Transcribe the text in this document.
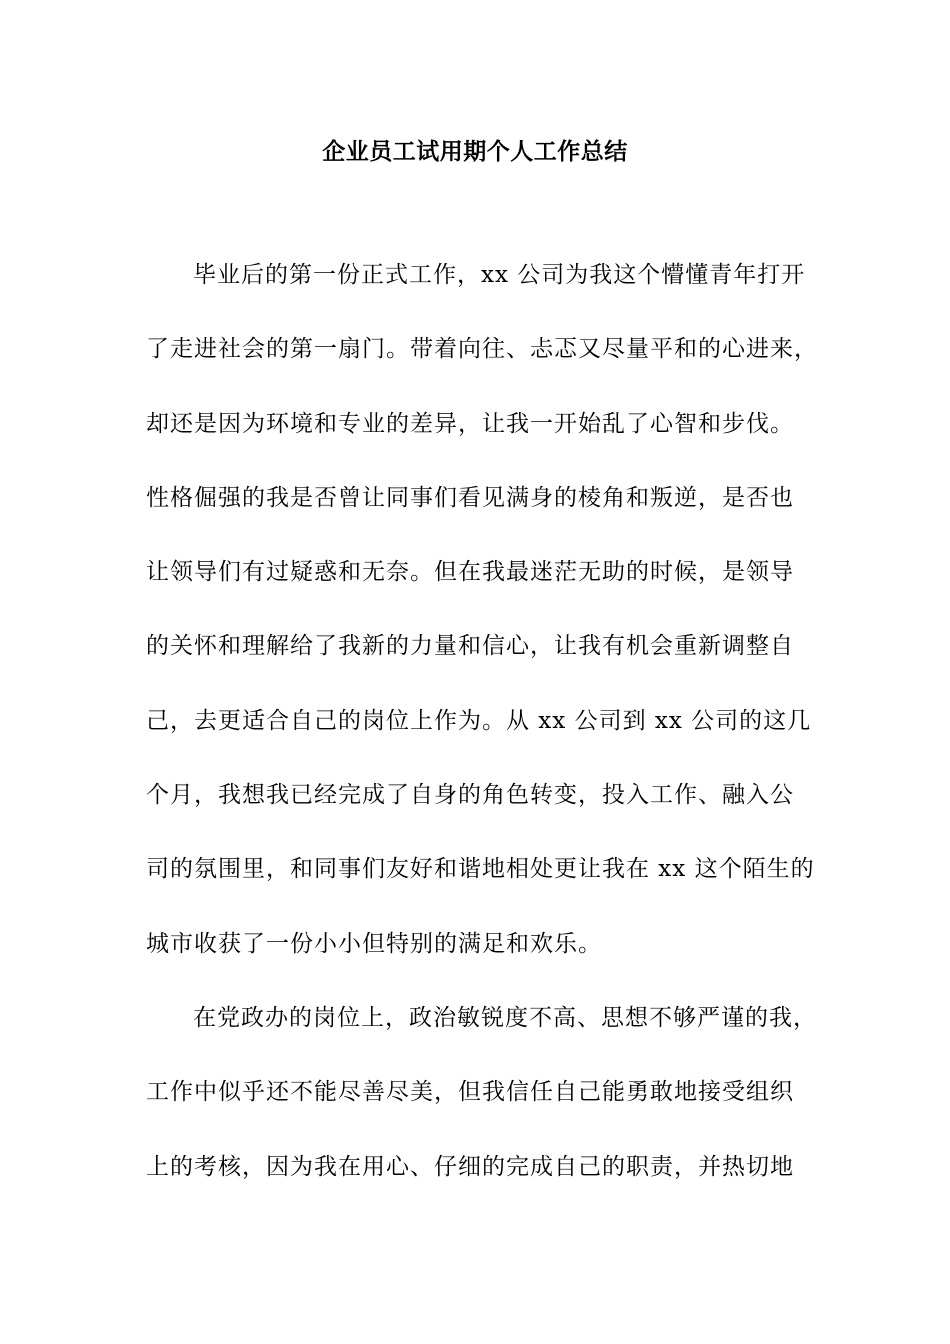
企业员工试用期个人工作总结
毕业后的第一份正式工作，xx 公司为我这个懵懂青年打开
了走进社会的第一扇门。带着向往、忐忑又尽量平和的心进来，
却还是因为环境和专业的差异，让我一开始乱了心智和步伐。
性格倔强的我是否曾让同事们看见满身的棱角和叛逆，是否也
让领导们有过疑惑和无奈。但在我最迷茫无助的时候，是领导
的关怀和理解给了我新的力量和信心，让我有机会重新调整自
己，去更适合自己的岗位上作为。从 xx 公司到 xx 公司的这几
个月，我想我已经完成了自身的角色转变，投入工作、融入公
司的氛围里，和同事们友好和谐地相处更让我在 xx 这个陌生的
城市收获了一份小小但特别的满足和欢乐。
在党政办的岗位上，政治敏锐度不高、思想不够严谨的我，
工作中似乎还不能尽善尽美，但我信任自己能勇敢地接受组织
上的考核，因为我在用心、仔细的完成自己的职责，并热切地
